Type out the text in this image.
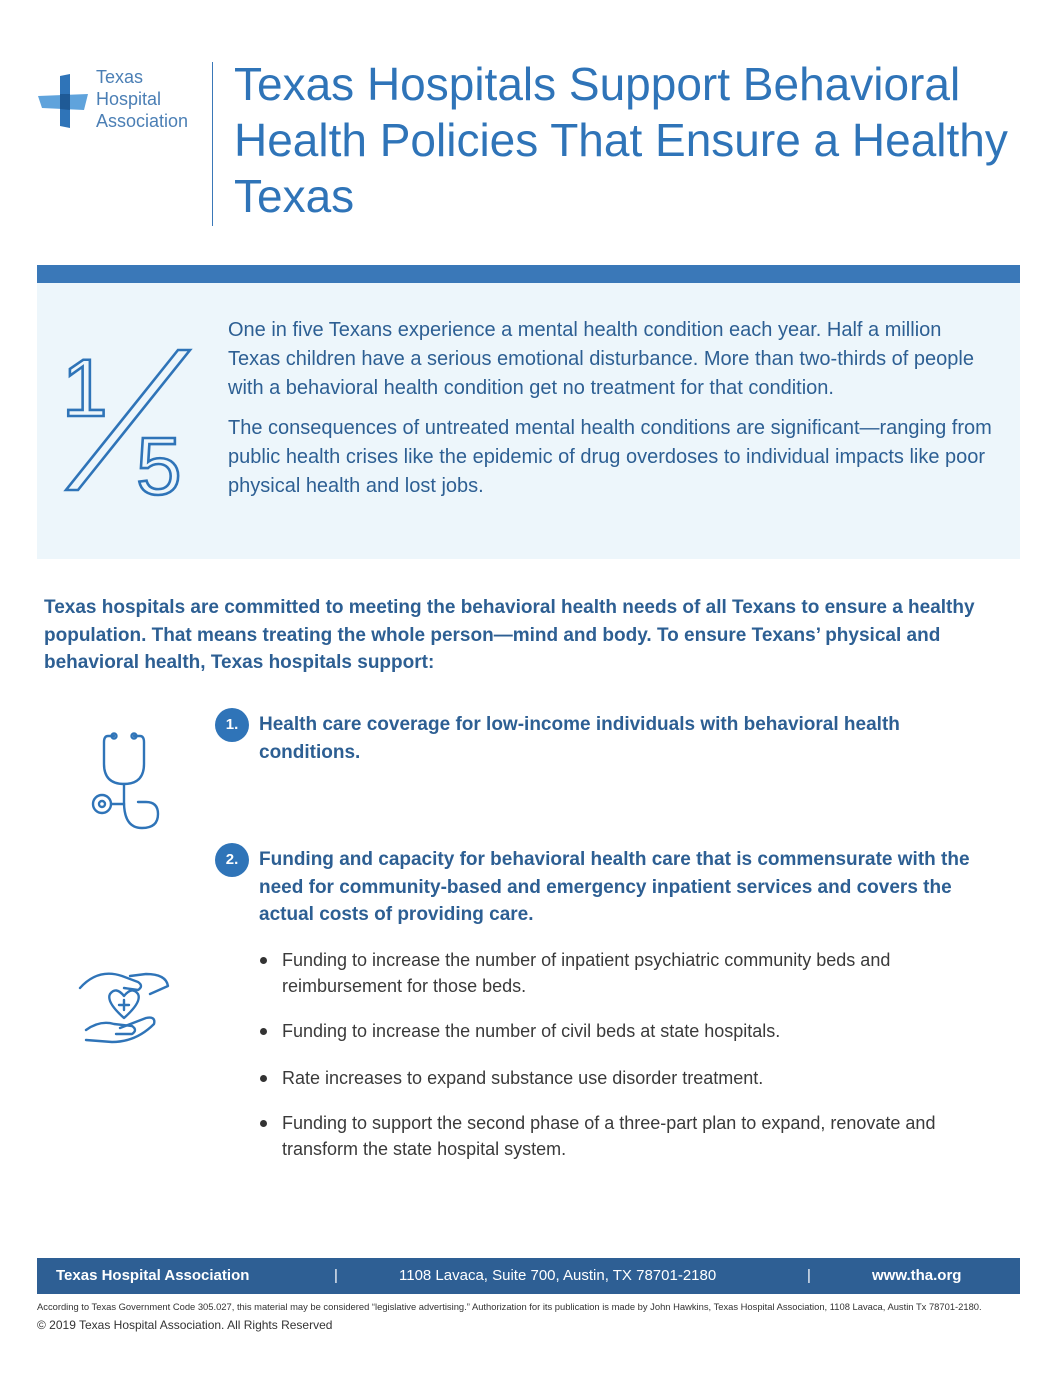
Texas
Hospital
Association
Texas Hospitals Support Behavioral Health Policies That Ensure a Healthy Texas
1
5

One in five Texans experience a mental health condition each year. Half a million Texas children have a serious emotional disturbance. More than two-thirds of people with a behavioral health condition get no treatment for that condition.

The consequences of untreated mental health conditions are significant—ranging from public health crises like the epidemic of drug overdoses to individual impacts like poor physical health and lost jobs.

Texas hospitals are committed to meeting the behavioral health needs of all Texans to ensure a healthy population. That means treating the whole person—mind and body. To ensure Texans’ physical and behavioral health, Texas hospitals support:
1.	Health care coverage for low-income individuals with behavioral health conditions.
2.	Funding and capacity for behavioral health care that is commensurate with the need for community-based and emergency inpatient services and covers the actual costs of providing care.
Funding to increase the number of inpatient psychiatric community beds and reimbursement for those beds.
Funding to increase the number of civil beds at state hospitals.
Rate increases to expand substance use disorder treatment.
Funding to support the second phase of a three-part plan to expand, renovate and transform the state hospital system.
Texas Hospital Association	|	1108 Lavaca, Suite 700, Austin, TX 78701-2180	|	www.tha.org
According to Texas Government Code 305.027, this material may be considered “legislative advertising.” Authorization for its publication is made by John Hawkins, Texas Hospital Association, 1108 Lavaca, Austin Tx 78701-2180.
© 2019 Texas Hospital Association. All Rights Reserved
